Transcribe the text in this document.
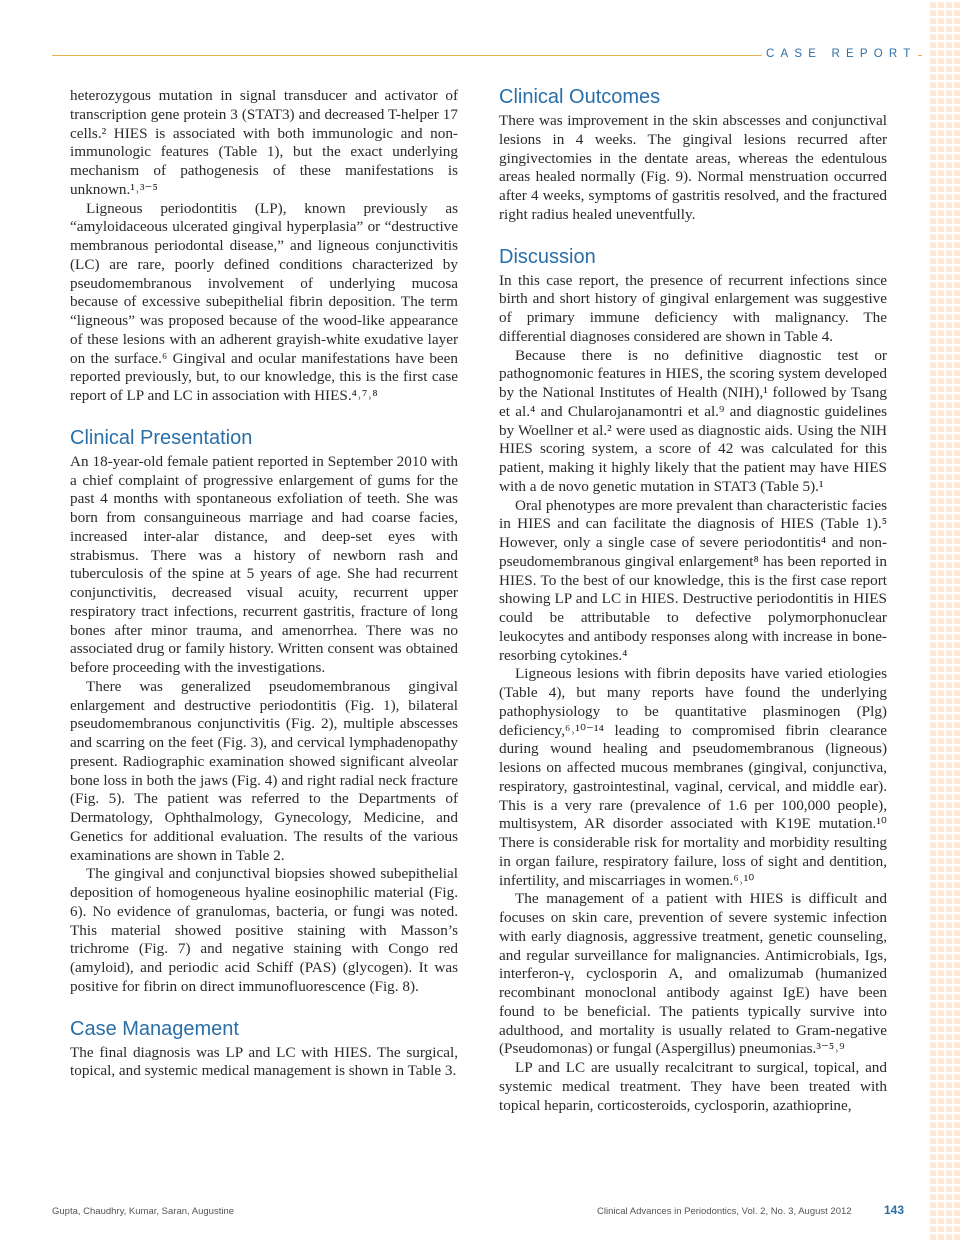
CASE REPORT

heterozygous mutation in signal transducer and activator of transcription gene protein 3 (STAT3) and decreased T-helper 17 cells.² HIES is associated with both immunologic and non-immunologic features (Table 1), but the exact underlying mechanism of pathogenesis of these manifestations is unknown.¹˒³⁻⁵

Ligneous periodontitis (LP), known previously as “amyloidaceous ulcerated gingival hyperplasia” or “destructive membranous periodontal disease,” and ligneous conjunctivitis (LC) are rare, poorly defined conditions characterized by pseudomembranous involvement of underlying mucosa because of excessive subepithelial fibrin deposition. The term “ligneous” was proposed because of the wood-like appearance of these lesions with an adherent grayish-white exudative layer on the surface.⁶ Gingival and ocular manifestations have been reported previously, but, to our knowledge, this is the first case report of LP and LC in association with HIES.⁴˒⁷˒⁸

Clinical Presentation

An 18-year-old female patient reported in September 2010 with a chief complaint of progressive enlargement of gums for the past 4 months with spontaneous exfoliation of teeth. She was born from consanguineous marriage and had coarse facies, increased inter-alar distance, and deep-set eyes with strabismus. There was a history of newborn rash and tuberculosis of the spine at 5 years of age. She had recurrent conjunctivitis, decreased visual acuity, recurrent upper respiratory tract infections, recurrent gastritis, fracture of long bones after minor trauma, and amenorrhea. There was no associated drug or family history. Written consent was obtained before proceeding with the investigations.

There was generalized pseudomembranous gingival enlargement and destructive periodontitis (Fig. 1), bilateral pseudomembranous conjunctivitis (Fig. 2), multiple abscesses and scarring on the feet (Fig. 3), and cervical lymphadenopathy present. Radiographic examination showed significant alveolar bone loss in both the jaws (Fig. 4) and right radial neck fracture (Fig. 5). The patient was referred to the Departments of Dermatology, Ophthalmology, Gynecology, Medicine, and Genetics for additional evaluation. The results of the various examinations are shown in Table 2.

The gingival and conjunctival biopsies showed subepithelial deposition of homogeneous hyaline eosinophilic material (Fig. 6). No evidence of granulomas, bacteria, or fungi was noted. This material showed positive staining with Masson’s trichrome (Fig. 7) and negative staining with Congo red (amyloid), and periodic acid Schiff (PAS) (glycogen). It was positive for fibrin on direct immunofluorescence (Fig. 8).

Case Management

The final diagnosis was LP and LC with HIES. The surgical, topical, and systemic medical management is shown in Table 3.

Clinical Outcomes

There was improvement in the skin abscesses and conjunctival lesions in 4 weeks. The gingival lesions recurred after gingivectomies in the dentate areas, whereas the edentulous areas healed normally (Fig. 9). Normal menstruation occurred after 4 weeks, symptoms of gastritis resolved, and the fractured right radius healed uneventfully.

Discussion

In this case report, the presence of recurrent infections since birth and short history of gingival enlargement was suggestive of primary immune deficiency with malignancy. The differential diagnoses considered are shown in Table 4.

Because there is no definitive diagnostic test or pathognomonic features in HIES, the scoring system developed by the National Institutes of Health (NIH),¹ followed by Tsang et al.⁴ and Chularojanamontri et al.⁹ and diagnostic guidelines by Woellner et al.² were used as diagnostic aids. Using the NIH HIES scoring system, a score of 42 was calculated for this patient, making it highly likely that the patient may have HIES with a de novo genetic mutation in STAT3 (Table 5).¹

Oral phenotypes are more prevalent than characteristic facies in HIES and can facilitate the diagnosis of HIES (Table 1).⁵ However, only a single case of severe periodontitis⁴ and non-pseudomembranous gingival enlargement⁸ has been reported in HIES. To the best of our knowledge, this is the first case report showing LP and LC in HIES. Destructive periodontitis in HIES could be attributable to defective polymorphonuclear leukocytes and antibody responses along with increase in bone-resorbing cytokines.⁴

Ligneous lesions with fibrin deposits have varied etiologies (Table 4), but many reports have found the underlying pathophysiology to be quantitative plasminogen (Plg) deficiency,⁶˒¹⁰⁻¹⁴ leading to compromised fibrin clearance during wound healing and pseudomembranous (ligneous) lesions on affected mucous membranes (gingival, conjunctiva, respiratory, gastrointestinal, vaginal, cervical, and middle ear). This is a very rare (prevalence of 1.6 per 100,000 people), multisystem, AR disorder associated with K19E mutation.¹⁰ There is considerable risk for mortality and morbidity resulting in organ failure, respiratory failure, loss of sight and dentition, infertility, and miscarriages in women.⁶˒¹⁰

The management of a patient with HIES is difficult and focuses on skin care, prevention of severe systemic infection with early diagnosis, aggressive treatment, genetic counseling, and regular surveillance for malignancies. Antimicrobials, Igs, interferon-γ, cyclosporin A, and omalizumab (humanized recombinant monoclonal antibody against IgE) have been found to be beneficial. The patients typically survive into adulthood, and mortality is usually related to Gram-negative (Pseudomonas) or fungal (Aspergillus) pneumonias.³⁻⁵˒⁹

LP and LC are usually recalcitrant to surgical, topical, and systemic medical treatment. They have been treated with topical heparin, corticosteroids, cyclosporin, azathioprine,

Gupta, Chaudhry, Kumar, Saran, Augustine	Clinical Advances in Periodontics, Vol. 2, No. 3, August 2012	143
